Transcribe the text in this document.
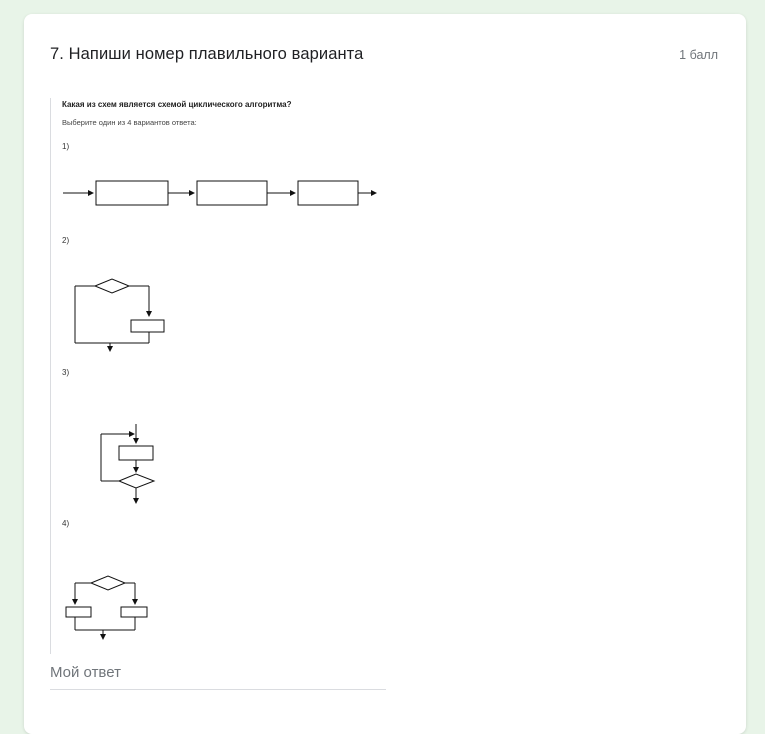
7. Напиши номер плавильного варианта	1 балл
Какая из схем является схемой циклического алгоритма?
Выберите один из 4 вариантов ответа:
1)
2)
3)
4)
Мой ответ
